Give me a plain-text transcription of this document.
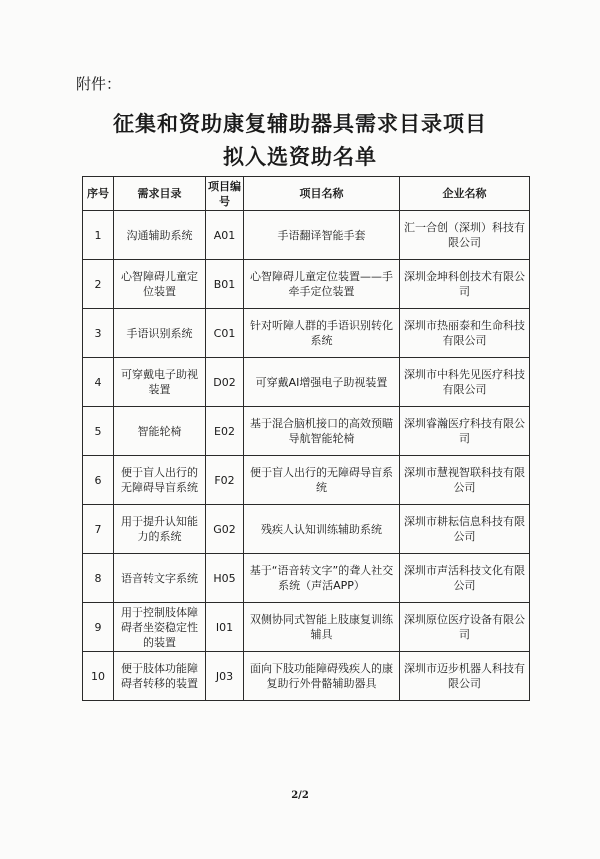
附件：
征集和资助康复辅助器具需求目录项目
拟入选资助名单
序号	需求目录	项目编号	项目名称	企业名称
1	沟通辅助系统	A01	手语翻译智能手套	汇一合创（深圳）科技有限公司
2	心智障碍儿童定位装置	B01	心智障碍儿童定位装置——手牵手定位装置	深圳金坤科创技术有限公司
3	手语识别系统	C01	针对听障人群的手语识别转化系统	深圳市热丽泰和生命科技有限公司
4	可穿戴电子助视装置	D02	可穿戴AI增强电子助视装置	深圳市中科先见医疗科技有限公司
5	智能轮椅	E02	基于混合脑机接口的高效预瞄导航智能轮椅	深圳睿瀚医疗科技有限公司
6	便于盲人出行的无障碍导盲系统	F02	便于盲人出行的无障碍导盲系统	深圳市慧视智联科技有限公司
7	用于提升认知能力的系统	G02	残疾人认知训练辅助系统	深圳市耕耘信息科技有限公司
8	语音转文字系统	H05	基于“语音转文字”的聋人社交系统（声活APP）	深圳市声活科技文化有限公司
9	用于控制肢体障碍者坐姿稳定性的装置	I01	双侧协同式智能上肢康复训练辅具	深圳原位医疗设备有限公司
10	便于肢体功能障碍者转移的装置	J03	面向下肢功能障碍残疾人的康复助行外骨骼辅助器具	深圳市迈步机器人科技有限公司
2/2
